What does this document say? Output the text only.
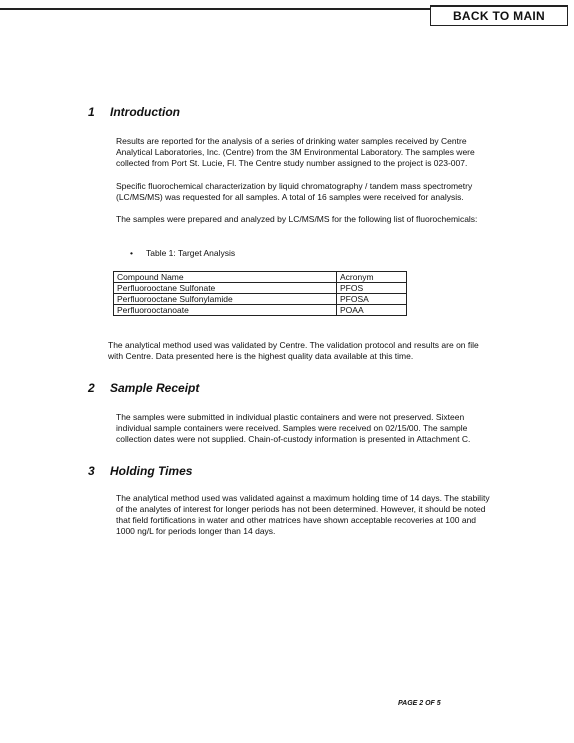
BACK TO MAIN
1 Introduction

Results are reported for the analysis of a series of drinking water samples received by Centre Analytical Laboratories, Inc. (Centre) from the 3M Environmental Laboratory. The samples were collected from Port St. Lucie, Fl. The Centre study number assigned to the project is 023-007.

Specific fluorochemical characterization by liquid chromatography / tandem mass spectrometry (LC/MS/MS) was requested for all samples. A total of 16 samples were received for analysis.

The samples were prepared and analyzed by LC/MS/MS for the following list of fluorochemicals:

• Table 1: Target Analysis
Compound Name	Acronym
Perfluorooctane Sulfonate	PFOS
Perfluorooctane Sulfonylamide	PFOSA
Perfluorooctanoate	POAA

The analytical method used was validated by Centre. The validation protocol and results are on file with Centre. Data presented here is the highest quality data available at this time.

2 Sample Receipt

The samples were submitted in individual plastic containers and were not preserved. Sixteen individual sample containers were received. Samples were received on 02/15/00. The sample collection dates were not supplied. Chain-of-custody information is presented in Attachment C.

3 Holding Times

The analytical method used was validated against a maximum holding time of 14 days. The stability of the analytes of interest for longer periods has not been determined. However, it should be noted that field fortifications in water and other matrices have shown acceptable recoveries at 100 and 1000 ng/L for periods longer than 14 days.

PAGE 2 OF 5
